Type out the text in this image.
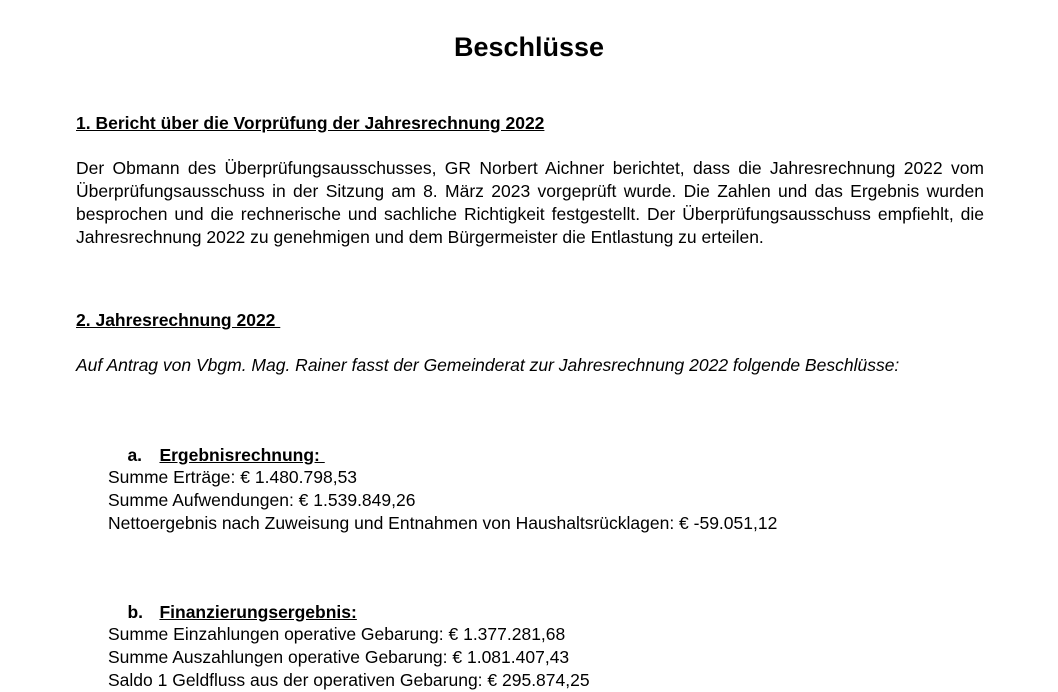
Beschlüsse
1. Bericht über die Vorprüfung der Jahresrechnung 2022
Der Obmann des Überprüfungsausschusses, GR Norbert Aichner berichtet, dass die Jahresrechnung 2022 vom Überprüfungsausschuss in der Sitzung am 8. März 2023 vorgeprüft wurde. Die Zahlen und das Ergebnis wurden besprochen und die rechnerische und sachliche Richtigkeit festgestellt. Der Überprüfungsausschuss empfiehlt, die Jahresrechnung 2022 zu genehmigen und dem Bürgermeister die Entlastung zu erteilen.
2. Jahresrechnung 2022
Auf Antrag von Vbgm. Mag. Rainer fasst der Gemeinderat zur Jahresrechnung 2022 folgende Beschlüsse:

a. Ergebnisrechnung:

Summe Erträge: € 1.480.798,53
Summe Aufwendungen: € 1.539.849,26
Nettoergebnis nach Zuweisung und Entnahmen von Haushaltsrücklagen: € -59.051,12

b. Finanzierungsergebnis:

Summe Einzahlungen operative Gebarung: € 1.377.281,68
Summe Auszahlungen operative Gebarung: € 1.081.407,43
Saldo 1 Geldfluss aus der operativen Gebarung: € 295.874,25
